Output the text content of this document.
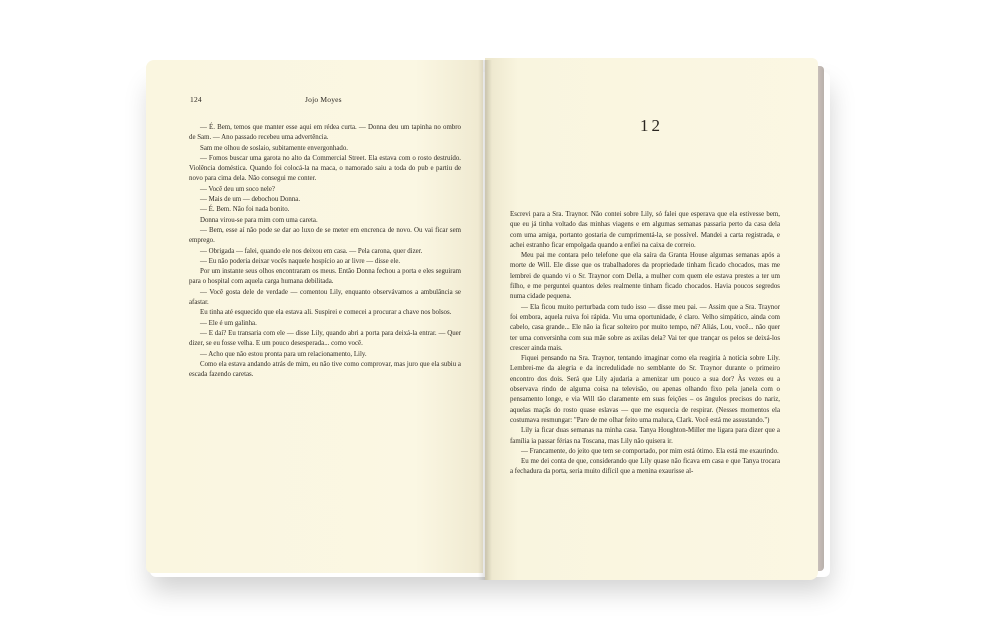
124	Jojo Moyes

— É. Bem, temos que manter esse aqui em rédea curta. — Donna deu um tapinha no ombro de Sam. — Ano passado recebeu uma advertência.

Sam me olhou de soslaio, subitamente envergonhado.

— Fomos buscar uma garota no alto da Commercial Street. Ela estava com o rosto destruído. Violência doméstica. Quando foi colocá-la na maca, o namorado saiu a toda do pub e partiu de novo para cima dela. Não consegui me conter.

— Você deu um soco nele?

— Mais de um — debochou Donna.

— É. Bem. Não foi nada bonito.

Donna virou-se para mim com uma careta.

— Bem, esse aí não pode se dar ao luxo de se meter em encrenca de novo. Ou vai ficar sem emprego.

— Obrigada — falei, quando ele nos deixou em casa. — Pela carona, quer dizer.

— Eu não poderia deixar vocês naquele hospício ao ar livre — disse ele.

Por um instante seus olhos encontraram os meus. Então Donna fechou a porta e eles seguiram para o hospital com aquela carga humana debilitada.

— Você gosta dele de verdade — comentou Lily, enquanto observávamos a ambulância se afastar.

Eu tinha até esquecido que ela estava ali. Suspirei e comecei a procurar a chave nos bolsos.

— Ele é um galinha.

— E daí? Eu transaria com ele — disse Lily, quando abri a porta para deixá-la entrar. — Quer dizer, se eu fosse velha. E um pouco desesperada... como você.

— Acho que não estou pronta para um relacionamento, Lily.

Como ela estava andando atrás de mim, eu não tive como comprovar, mas juro que ela subiu a escada fazendo caretas.

12

Escrevi para a Sra. Traynor. Não contei sobre Lily, só falei que esperava que ela estivesse bem, que eu já tinha voltado das minhas viagens e em algumas semanas passaria perto da casa dela com uma amiga, portanto gostaria de cumprimentá-la, se possível. Mandei a carta registrada, e achei estranho ficar empolgada quando a enfiei na caixa de correio.

Meu pai me contara pelo telefone que ela saíra da Granta House algumas semanas após a morte de Will. Ele disse que os trabalhadores da propriedade tinham ficado chocados, mas me lembrei de quando vi o Sr. Traynor com Della, a mulher com quem ele estava prestes a ter um filho, e me perguntei quantos deles realmente tinham ficado chocados. Havia poucos segredos numa cidade pequena.

— Ela ficou muito perturbada com tudo isso — disse meu pai. — Assim que a Sra. Traynor foi embora, aquela ruiva foi rápida. Viu uma oportunidade, é claro. Velho simpático, ainda com cabelo, casa grande... Ele não ia ficar solteiro por muito tempo, né? Aliás, Lou, você... não quer ter uma conversinha com sua mãe sobre as axilas dela? Vai ter que trançar os pelos se deixá-los crescer ainda mais.

Fiquei pensando na Sra. Traynor, tentando imaginar como ela reagiria à notícia sobre Lily. Lembrei-me da alegria e da incredulidade no semblante do Sr. Traynor durante o primeiro encontro dos dois. Será que Lily ajudaria a amenizar um pouco a sua dor? Às vezes eu a observava rindo de alguma coisa na televisão, ou apenas olhando fixo pela janela com o pensamento longe, e via Will tão claramente em suas feições – os ângulos precisos do nariz, aquelas maçãs do rosto quase eslavas — que me esquecia de respirar. (Nesses momentos ela costumava resmungar: "Pare de me olhar feito uma maluca, Clark. Você está me assustando.")

Lily ia ficar duas semanas na minha casa. Tanya Houghton-Miller me ligara para dizer que a família ia passar férias na Toscana, mas Lily não quisera ir.

— Francamente, do jeito que tem se comportado, por mim está ótimo. Ela está me exaurindo.

Eu me dei conta de que, considerando que Lily quase não ficava em casa e que Tanya trocara a fechadura da porta, seria muito difícil que a menina exaurisse al-
